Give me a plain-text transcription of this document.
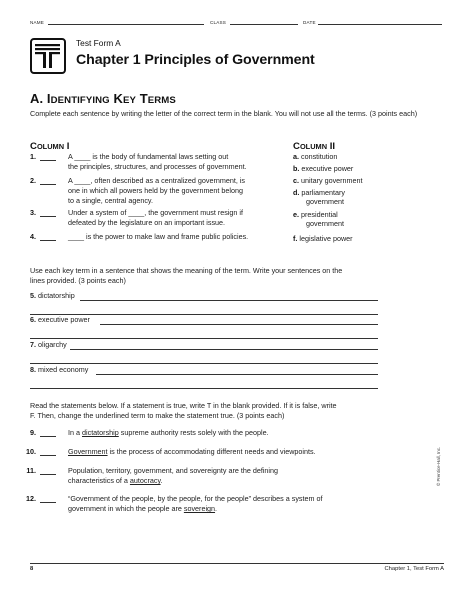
NAME	CLASS	DATE
Test Form A
Chapter 1 Principles of Government
A. IDENTIFYING KEY TERMS
Complete each sentence by writing the letter of the correct term in the blank. You will not use all the terms. (3 points each)
COLUMN I	COLUMN II
1.	A ____ is the body of fundamental laws setting out
the principles, structures, and processes of government.
2.	A ____, often described as a centralized government, is
one in which all powers held by the government belong
to a single, central agency.
3.	Under a system of ____, the government must resign if
defeated by the legislature on an important issue.
4.	____ is the power to make law and frame public policies.
a. constitution
b. executive power
c. unitary government
d. parliamentary
government
e. presidential
government
f. legislative power
Use each key term in a sentence that shows the meaning of the term. Write your sentences on the
lines provided. (3 points each)
5. dictatorship
6. executive power
7. oligarchy
8. mixed economy
Read the statements below. If a statement is true, write T in the blank provided. If it is false, write
F. Then, change the underlined term to make the statement true. (3 points each)
9.	In a dictatorship supreme authority rests solely with the people.
10.	Government is the process of accommodating different needs and viewpoints.
11.	Population, territory, government, and sovereignty are the defining
characteristics of a autocracy.
12.	“Government of the people, by the people, for the people” describes a system of
government in which the people are sovereign.
© Prentice-Hall, Inc.
8	Chapter 1, Test Form A
